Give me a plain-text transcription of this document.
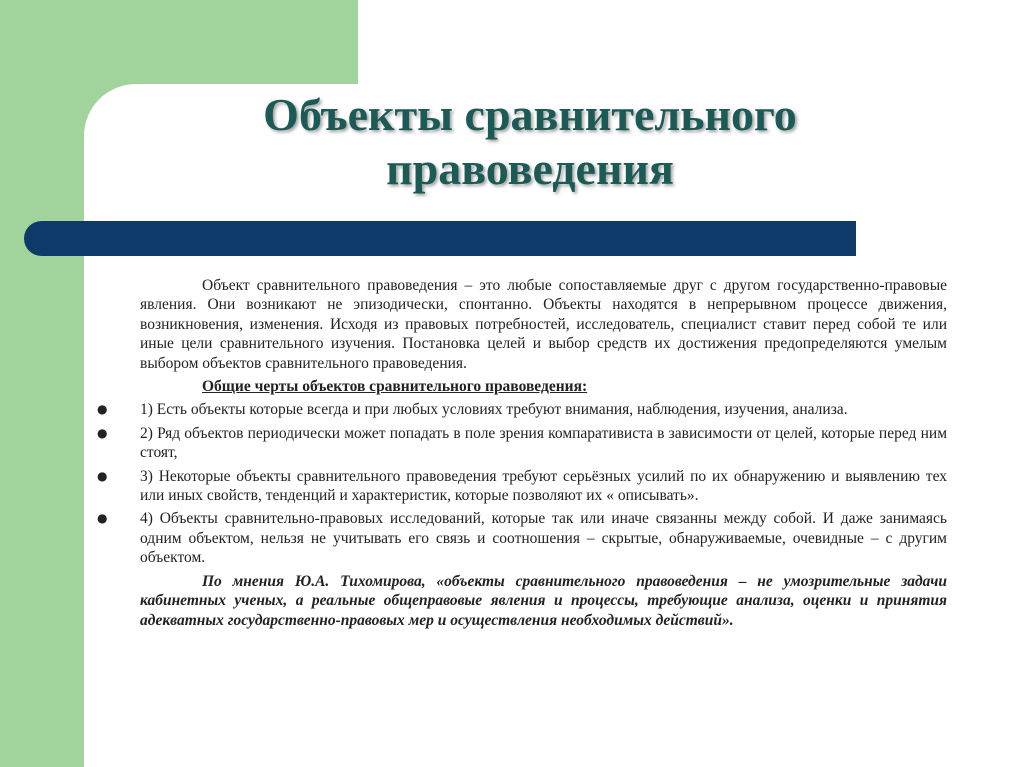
Объекты сравнительного
правоведения

Объект сравнительного правоведения – это любые сопоставляемые друг с другом государственно-правовые явления. Они возникают не эпизодически, спонтанно. Объекты находятся в непрерывном процессе движения, возникновения, изменения. Исходя из правовых потребностей, исследователь, специалист ставит перед собой те или иные цели сравнительного изучения. Постановка целей и выбор средств их достижения предопределяются умелым выбором объектов сравнительного правоведения.

Общие черты объектов сравнительного правоведения:
● 1) Есть объекты которые всегда и при любых условиях требуют внимания, наблюдения, изучения, анализа.
● 2) Ряд объектов периодически может попадать в поле зрения компаративиста в зависимости от целей, которые перед ним стоят,
● 3) Некоторые объекты сравнительного правоведения требуют серьёзных усилий по их обнаружению и выявлению тех или иных свойств, тенденций и характеристик, которые позволяют их « описывать».
● 4) Объекты сравнительно-правовых исследований, которые так или иначе связанны между собой. И даже занимаясь одним объектом, нельзя не учитывать его связь и соотношения – скрытые, обнаруживаемые, очевидные – с другим объектом.

По мнения Ю.А. Тихомирова, «объекты сравнительного правоведения – не умозрительные задачи кабинетных ученых, а реальные общеправовые явления и процессы, требующие анализа, оценки и принятия адекватных государственно-правовых мер и осуществления необходимых действий».
